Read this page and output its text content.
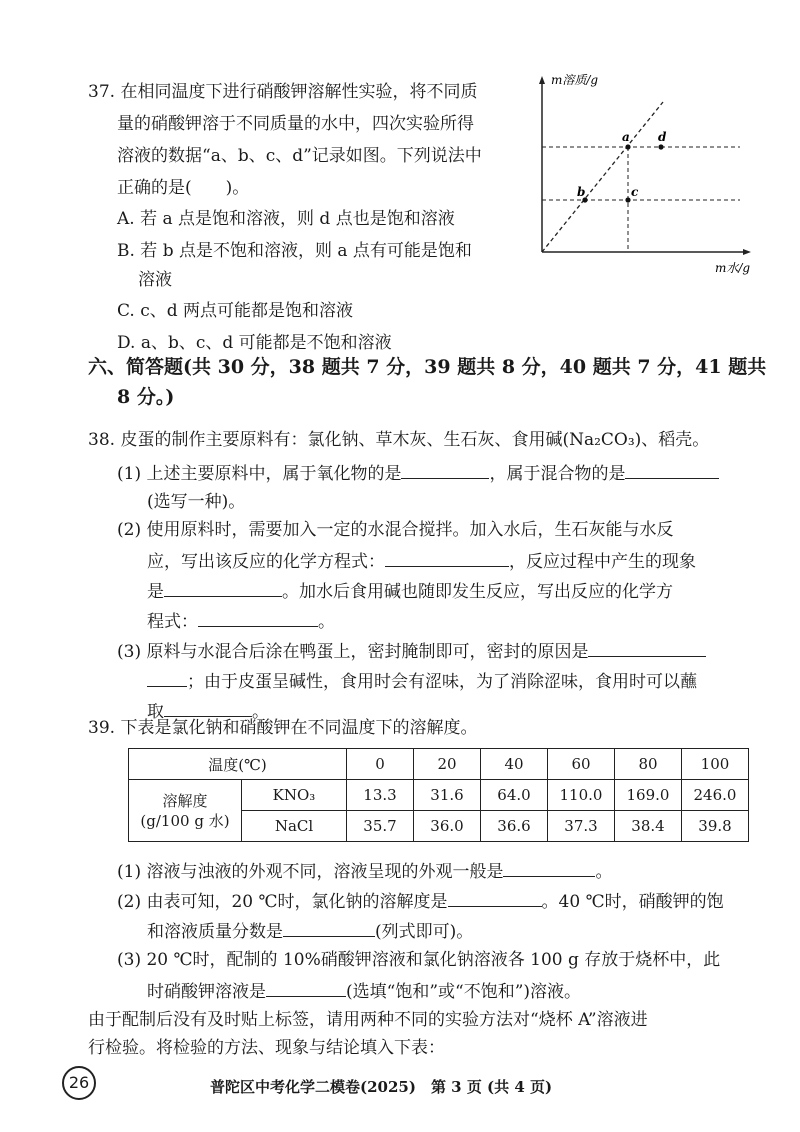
37. 在相同温度下进行硝酸钾溶解性实验，将不同质
量的硝酸钾溶于不同质量的水中，四次实验所得
溶液的数据“a、b、c、d”记录如图。下列说法中
正确的是(　　)。
A. 若 a 点是饱和溶液，则 d 点也是饱和溶液
B. 若 b 点是不饱和溶液，则 a 点有可能是饱和
溶液
C. c、d 两点可能都是饱和溶液
D. a、b、c、d 可能都是不饱和溶液
m溶质/g
m水/g
a d
b	c
六、简答题(共 30 分，38 题共 7 分，39 题共 8 分，40 题共 7 分，41 题共
8 分。)
38. 皮蛋的制作主要原料有：氯化钠、草木灰、生石灰、食用碱(Na₂CO₃)、稻壳。
(1) 上述主要原料中，属于氧化物的是	，属于混合物的是
(选写一种)。
(2) 使用原料时，需要加入一定的水混合搅拌。加入水后，生石灰能与水反
应，写出该反应的化学方程式：	，反应过程中产生的现象
是	。加水后食用碱也随即发生反应，写出反应的化学方
程式：	。
(3) 原料与水混合后涂在鸭蛋上，密封腌制即可，密封的原因是
；由于皮蛋呈碱性，食用时会有涩味，为了消除涩味，食用时可以蘸
取	。
39. 下表是氯化钠和硝酸钾在不同温度下的溶解度。
温度(℃)		0	20	40	60	80	100

溶解度
(g/100 g 水)	KNO₃	13.3	31.6	64.0	110.0	169.0	246.0
	NaCl	35.7	36.0	36.6	37.3	38.4	39.8
(1) 溶液与浊液的外观不同，溶液呈现的外观一般是	。
(2) 由表可知，20 ℃时，氯化钠的溶解度是	。40 ℃时，硝酸钾的饱
和溶液质量分数是	(列式即可)。
(3) 20 ℃时，配制的 10%硝酸钾溶液和氯化钠溶液各 100 g 存放于烧杯中，此
时硝酸钾溶液是	(选填“饱和”或“不饱和”)溶液。
由于配制后没有及时贴上标签，请用两种不同的实验方法对“烧杯 A”溶液进
行检验。将检验的方法、现象与结论填入下表：
26	普陀区中考化学二模卷(2025)　第 3 页 (共 4 页)
